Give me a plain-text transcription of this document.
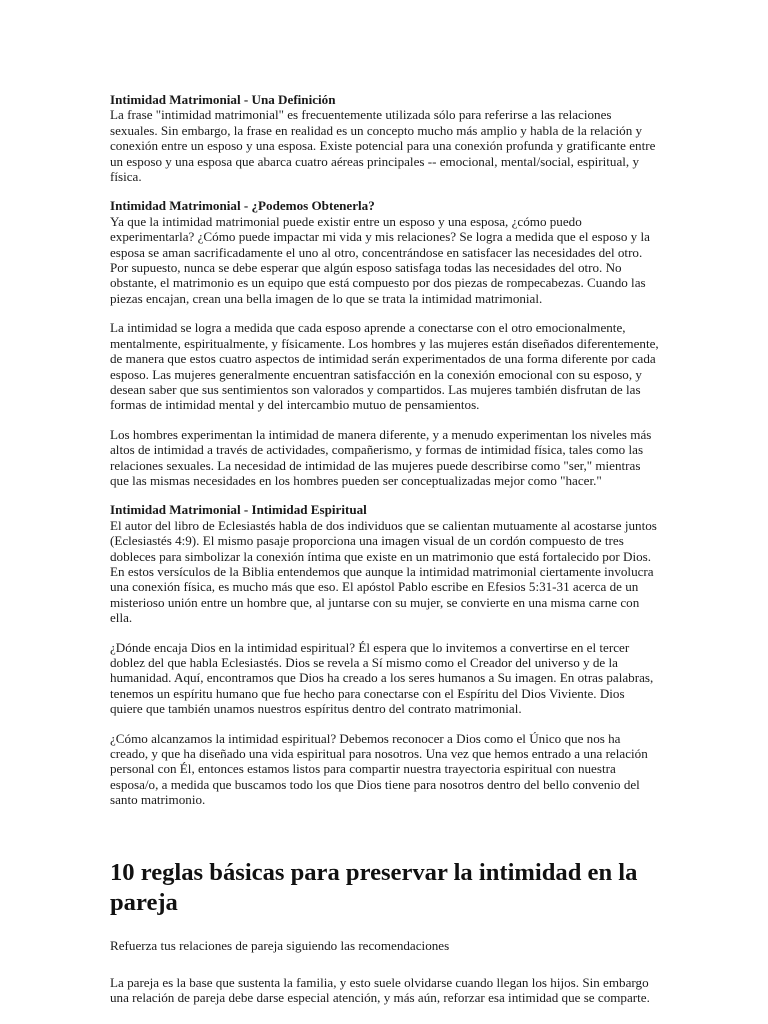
Intimidad Matrimonial - Una Definición

La frase "intimidad matrimonial" es frecuentemente utilizada sólo para referirse a las relaciones sexuales. Sin embargo, la frase en realidad es un concepto mucho más amplio y habla de la relación y conexión entre un esposo y una esposa. Existe potencial para una conexión profunda y gratificante entre un esposo y una esposa que abarca cuatro aéreas principales -- emocional, mental/social, espiritual, y física.

Intimidad Matrimonial - ¿Podemos Obtenerla?

Ya que la intimidad matrimonial puede existir entre un esposo y una esposa, ¿cómo puedo experimentarla? ¿Cómo puede impactar mi vida y mis relaciones? Se logra a medida que el esposo y la esposa se aman sacrificadamente el uno al otro, concentrándose en satisfacer las necesidades del otro. Por supuesto, nunca se debe esperar que algún esposo satisfaga todas las necesidades del otro. No obstante, el matrimonio es un equipo que está compuesto por dos piezas de rompecabezas. Cuando las piezas encajan, crean una bella imagen de lo que se trata la intimidad matrimonial.

La intimidad se logra a medida que cada esposo aprende a conectarse con el otro emocionalmente, mentalmente, espiritualmente, y físicamente. Los hombres y las mujeres están diseñados diferentemente, de manera que estos cuatro aspectos de intimidad serán experimentados de una forma diferente por cada esposo. Las mujeres generalmente encuentran satisfacción en la conexión emocional con su esposo, y desean saber que sus sentimientos son valorados y compartidos. Las mujeres también disfrutan de las formas de intimidad mental y del intercambio mutuo de pensamientos.

Los hombres experimentan la intimidad de manera diferente, y a menudo experimentan los niveles más altos de intimidad a través de actividades, compañerismo, y formas de intimidad física, tales como las relaciones sexuales. La necesidad de intimidad de las mujeres puede describirse como "ser," mientras que las mismas necesidades en los hombres pueden ser conceptualizadas mejor como "hacer."

Intimidad Matrimonial - Intimidad Espiritual

El autor del libro de Eclesiastés habla de dos individuos que se calientan mutuamente al acostarse juntos (Eclesiastés 4:9). El mismo pasaje proporciona una imagen visual de un cordón compuesto de tres dobleces para simbolizar la conexión íntima que existe en un matrimonio que está fortalecido por Dios. En estos versículos de la Biblia entendemos que aunque la intimidad matrimonial ciertamente involucra una conexión física, es mucho más que eso. El apóstol Pablo escribe en Efesios 5:31-31 acerca de un misterioso unión entre un hombre que, al juntarse con su mujer, se convierte en una misma carne con ella.

¿Dónde encaja Dios en la intimidad espiritual? Él espera que lo invitemos a convertirse en el tercer doblez del que habla Eclesiastés. Dios se revela a Sí mismo como el Creador del universo y de la humanidad. Aquí, encontramos que Dios ha creado a los seres humanos a Su imagen. En otras palabras, tenemos un espíritu humano que fue hecho para conectarse con el Espíritu del Dios Viviente. Dios quiere que también unamos nuestros espíritus dentro del contrato matrimonial.

¿Cómo alcanzamos la intimidad espiritual? Debemos reconocer a Dios como el Único que nos ha creado, y que ha diseñado una vida espiritual para nosotros. Una vez que hemos entrado a una relación personal con Él, entonces estamos listos para compartir nuestra trayectoria espiritual con nuestra esposa/o, a medida que buscamos todo los que Dios tiene para nosotros dentro del bello convenio del santo matrimonio.

10 reglas básicas para preservar la intimidad en la pareja

Refuerza tus relaciones de pareja siguiendo las recomendaciones

La pareja es la base que sustenta la familia, y esto suele olvidarse cuando llegan los hijos. Sin embargo una relación de pareja debe darse especial atención, y más aún, reforzar esa intimidad que se comparte.
